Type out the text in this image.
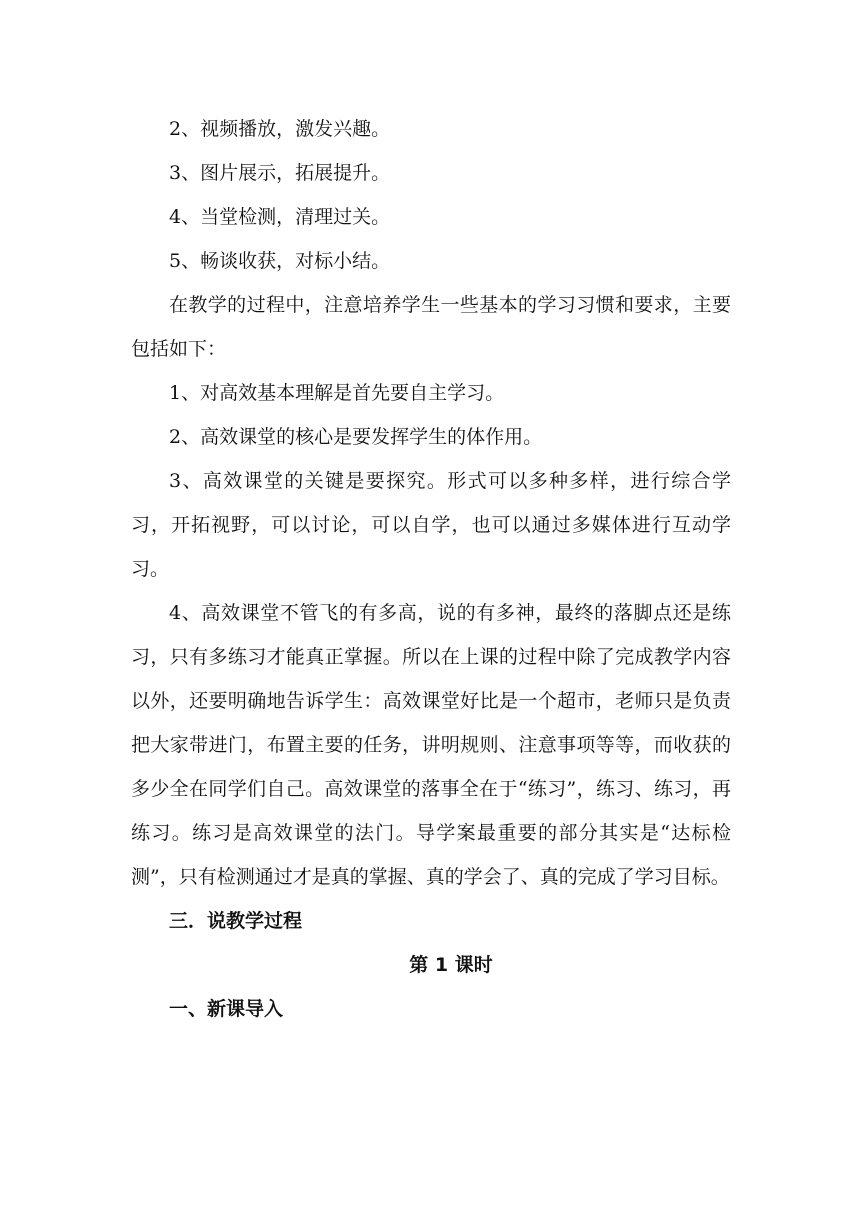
2、视频播放，激发兴趣。

3、图片展示，拓展提升。

4、当堂检测，清理过关。

5、畅谈收获，对标小结。

在教学的过程中，注意培养学生一些基本的学习习惯和要求，主要包括如下：

1、对高效基本理解是首先要自主学习。

2、高效课堂的核心是要发挥学生的体作用。

3、高效课堂的关键是要探究。形式可以多种多样，进行综合学习，开拓视野，可以讨论，可以自学，也可以通过多媒体进行互动学习。

4、高效课堂不管飞的有多高，说的有多神，最终的落脚点还是练习，只有多练习才能真正掌握。所以在上课的过程中除了完成教学内容以外，还要明确地告诉学生：高效课堂好比是一个超市，老师只是负责把大家带进门，布置主要的任务，讲明规则、注意事项等等，而收获的多少全在同学们自己。高效课堂的落事全在于“练习”，练习、练习，再练习。练习是高效课堂的法门。导学案最重要的部分其实是“达标检测”，只有检测通过才是真的掌握、真的学会了、真的完成了学习目标。

三．说教学过程

第 1 课时

一、新课导入
